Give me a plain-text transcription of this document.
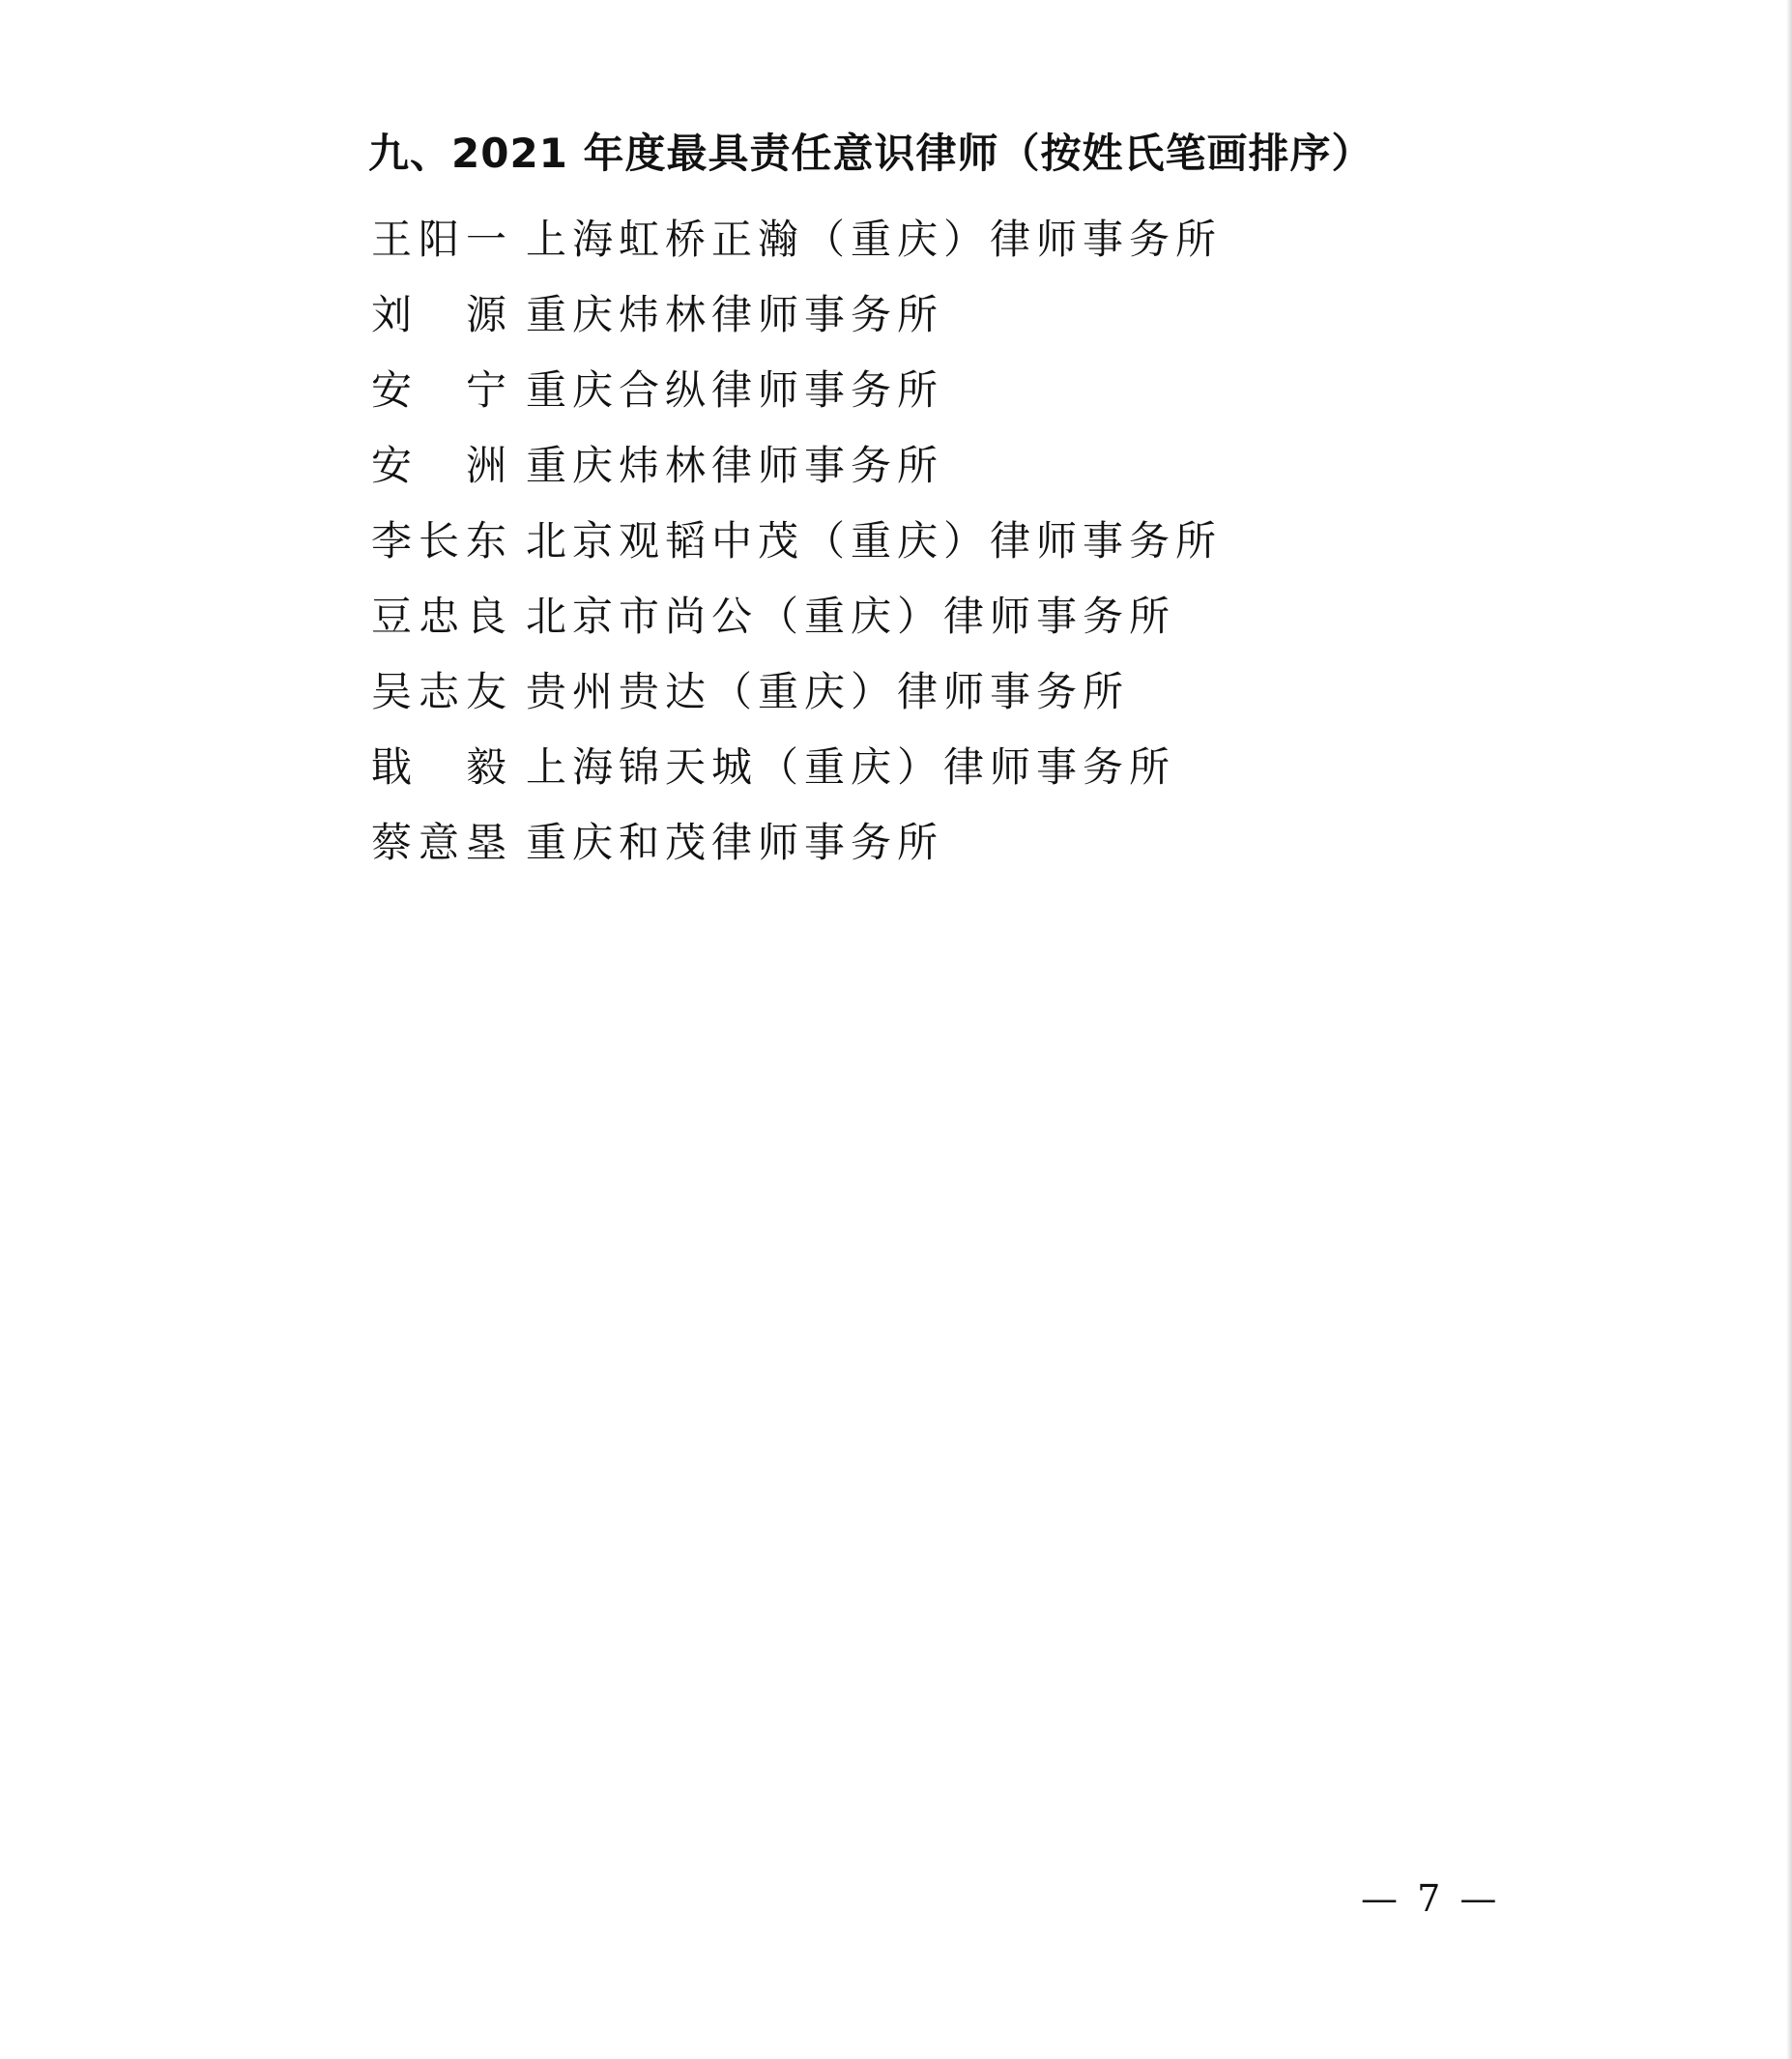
九、2021 年度最具责任意识律师（按姓氏笔画排序）
王阳一 上海虹桥正瀚（重庆）律师事务所
刘 源 重庆炜林律师事务所
安 宁 重庆合纵律师事务所
安 洲 重庆炜林律师事务所
李长东 北京观韬中茂（重庆）律师事务所
豆忠良 北京市尚公（重庆）律师事务所
吴志友 贵州贵达（重庆）律师事务所
戢 毅 上海锦天城（重庆）律师事务所
蔡意塁 重庆和茂律师事务所
— 7 —
